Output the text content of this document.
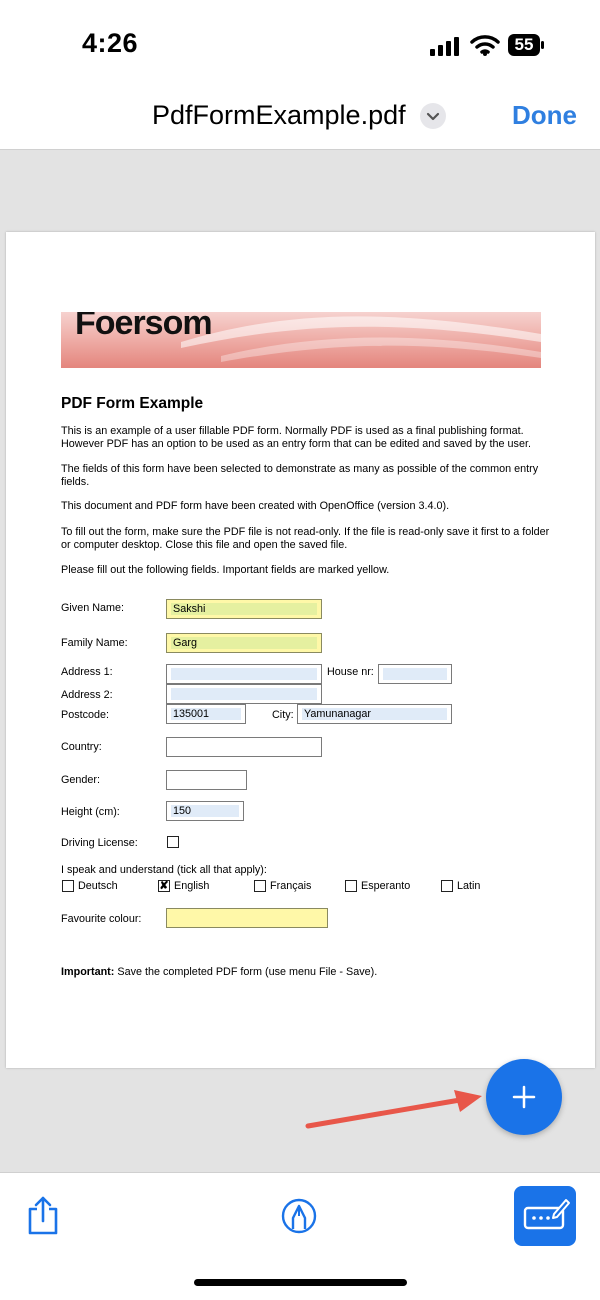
4:26	55
PdfFormExample.pdf	Done
Foersom
PDF Form Example
This is an example of a user fillable PDF form. Normally PDF is used as a final publishing format. However PDF has an option to be used as an entry form that can be edited and saved by the user.
The fields of this form have been selected to demonstrate as many as possible of the common entry fields.
This document and PDF form have been created with OpenOffice (version 3.4.0).
To fill out the form, make sure the PDF file is not read-only. If the file is read-only save it first to a folder or computer desktop. Close this file and open the saved file.
Please fill out the following fields. Important fields are marked yellow.
Given Name:	Sakshi
Family Name:	Garg
Address 1:	House nr:
Address 2:
Postcode:	135001	City: Yamunanagar
Country:
Gender:
Height (cm):	150
Driving License:
I speak and understand (tick all that apply):
Deutsch	✘ English	Français	Esperanto	Latin
Favourite colour:
Important: Save the completed PDF form (use menu File - Save).
